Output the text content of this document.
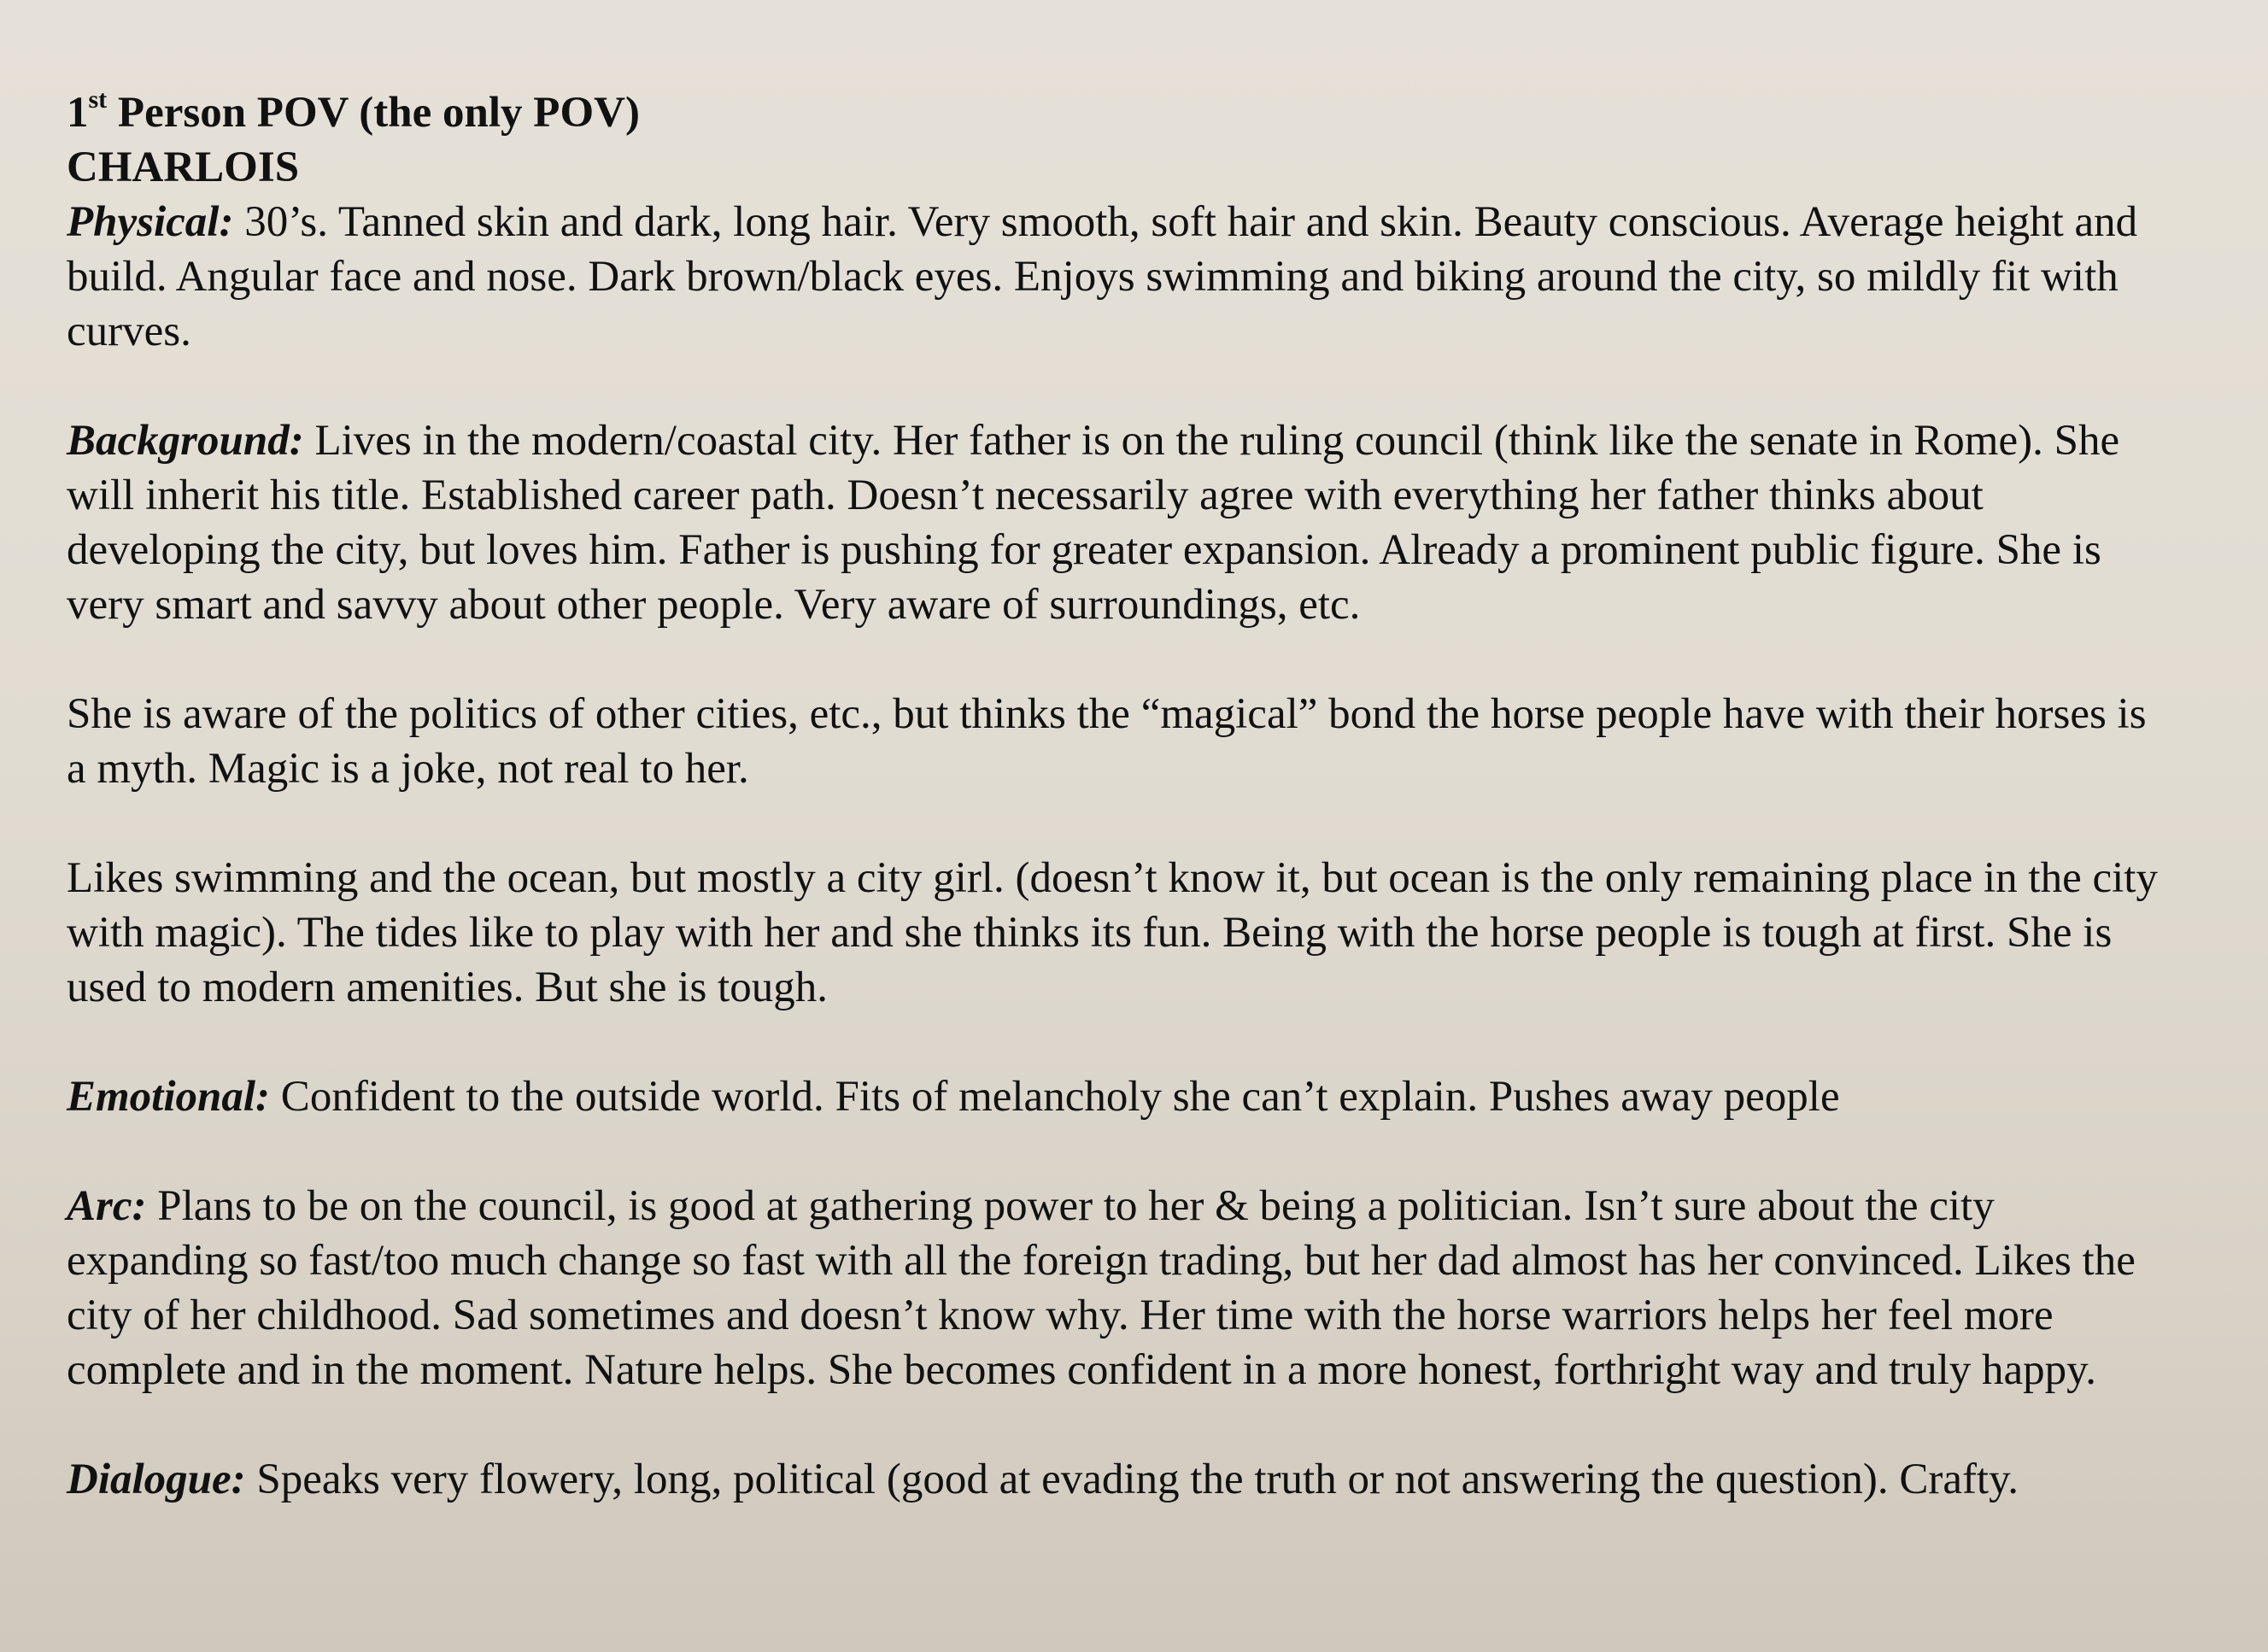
1st Person POV (the only POV)
CHARLOIS

Physical: 30’s. Tanned skin and dark, long hair. Very smooth, soft hair and skin. Beauty conscious. Average height and build. Angular face and nose. Dark brown/black eyes. Enjoys swimming and biking around the city, so mildly fit with curves.

Background: Lives in the modern/coastal city. Her father is on the ruling council (think like the senate in Rome). She will inherit his title. Established career path. Doesn’t necessarily agree with everything her father thinks about developing the city, but loves him. Father is pushing for greater expansion. Already a prominent public figure. She is very smart and savvy about other people. Very aware of surroundings, etc.

She is aware of the politics of other cities, etc., but thinks the “magical” bond the horse people have with their horses is a myth. Magic is a joke, not real to her.

Likes swimming and the ocean, but mostly a city girl. (doesn’t know it, but ocean is the only remaining place in the city with magic). The tides like to play with her and she thinks its fun. Being with the horse people is tough at first. She is used to modern amenities. But she is tough.

Emotional: Confident to the outside world. Fits of melancholy she can’t explain. Pushes away people

Arc: Plans to be on the council, is good at gathering power to her & being a politician. Isn’t sure about the city expanding so fast/too much change so fast with all the foreign trading, but her dad almost has her convinced. Likes the city of her childhood. Sad sometimes and doesn’t know why. Her time with the horse warriors helps her feel more complete and in the moment. Nature helps. She becomes confident in a more honest, forthright way and truly happy.

Dialogue: Speaks very flowery, long, political (good at evading the truth or not answering the question). Crafty.
